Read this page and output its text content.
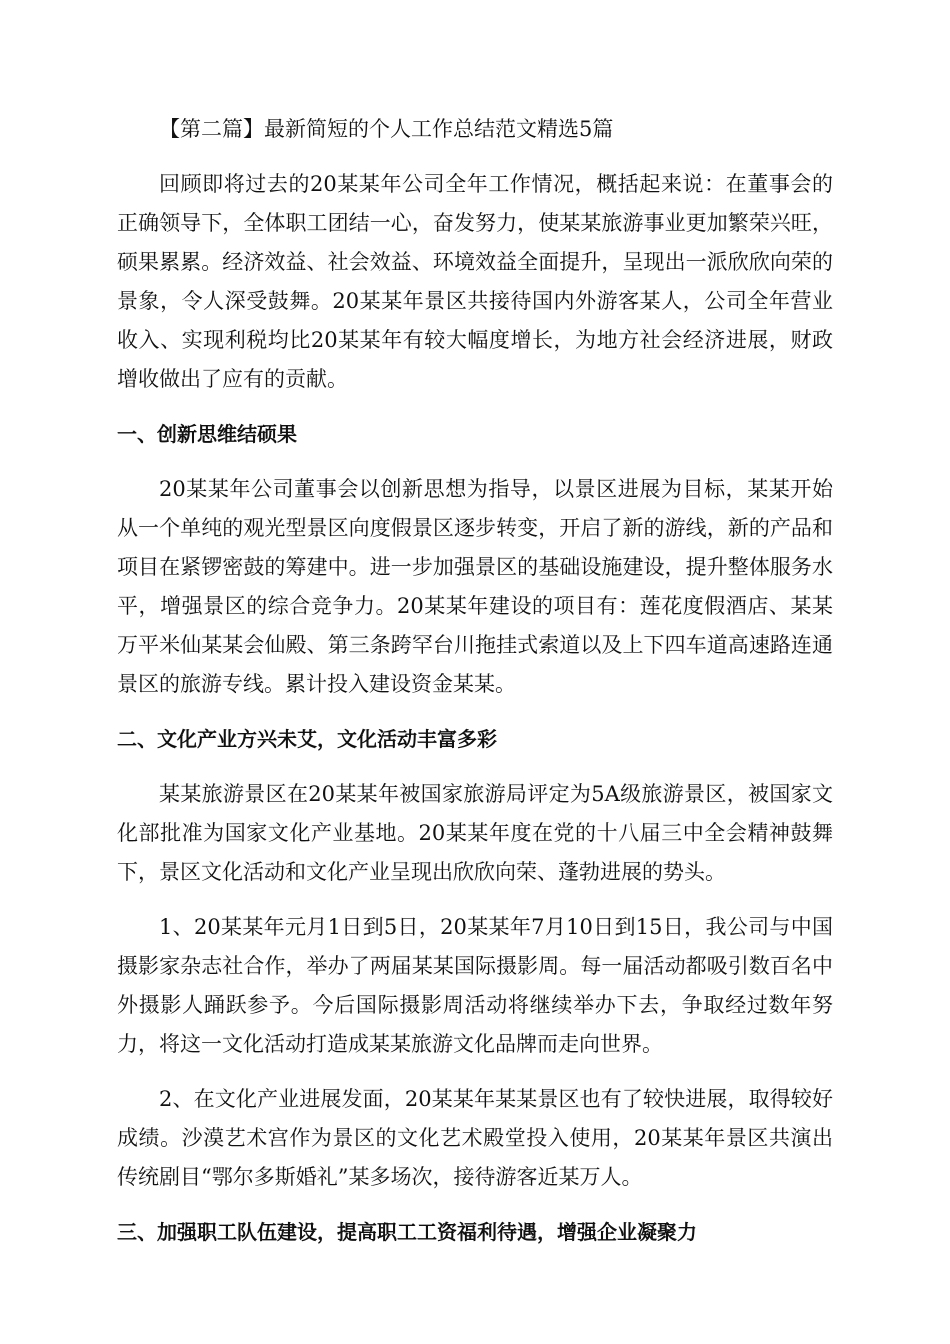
【第二篇】最新简短的个人工作总结范文精选5篇

回顾即将过去的20某某年公司全年工作情况，概括起来说：在董事会的正确领导下，全体职工团结一心，奋发努力，使某某旅游事业更加繁荣兴旺，硕果累累。经济效益、社会效益、环境效益全面提升，呈现出一派欣欣向荣的景象，令人深受鼓舞。20某某年景区共接待国内外游客某人，公司全年营业收入、实现利税均比20某某年有较大幅度增长，为地方社会经济进展，财政增收做出了应有的贡献。

一、创新思维结硕果

20某某年公司董事会以创新思想为指导，以景区进展为目标，某某开始从一个单纯的观光型景区向度假景区逐步转变，开启了新的游线，新的产品和项目在紧锣密鼓的筹建中。进一步加强景区的基础设施建设，提升整体服务水平，增强景区的综合竞争力。20某某年建设的项目有：莲花度假酒店、某某万平米仙某某会仙殿、第三条跨罕台川拖挂式索道以及上下四车道高速路连通景区的旅游专线。累计投入建设资金某某。

二、文化产业方兴未艾，文化活动丰富多彩

某某旅游景区在20某某年被国家旅游局评定为5A级旅游景区，被国家文化部批准为国家文化产业基地。20某某年度在党的十八届三中全会精神鼓舞下，景区文化活动和文化产业呈现出欣欣向荣、蓬勃进展的势头。

1、20某某年元月1日到5日，20某某年7月10日到15日，我公司与中国摄影家杂志社合作，举办了两届某某国际摄影周。每一届活动都吸引数百名中外摄影人踊跃参予。今后国际摄影周活动将继续举办下去，争取经过数年努力，将这一文化活动打造成某某旅游文化品牌而走向世界。

2、在文化产业进展发面，20某某年某某景区也有了较快进展，取得较好成绩。沙漠艺术宫作为景区的文化艺术殿堂投入使用，20某某年景区共演出传统剧目“鄂尔多斯婚礼”某多场次，接待游客近某万人。

三、加强职工队伍建设，提高职工工资福利待遇，增强企业凝聚力
